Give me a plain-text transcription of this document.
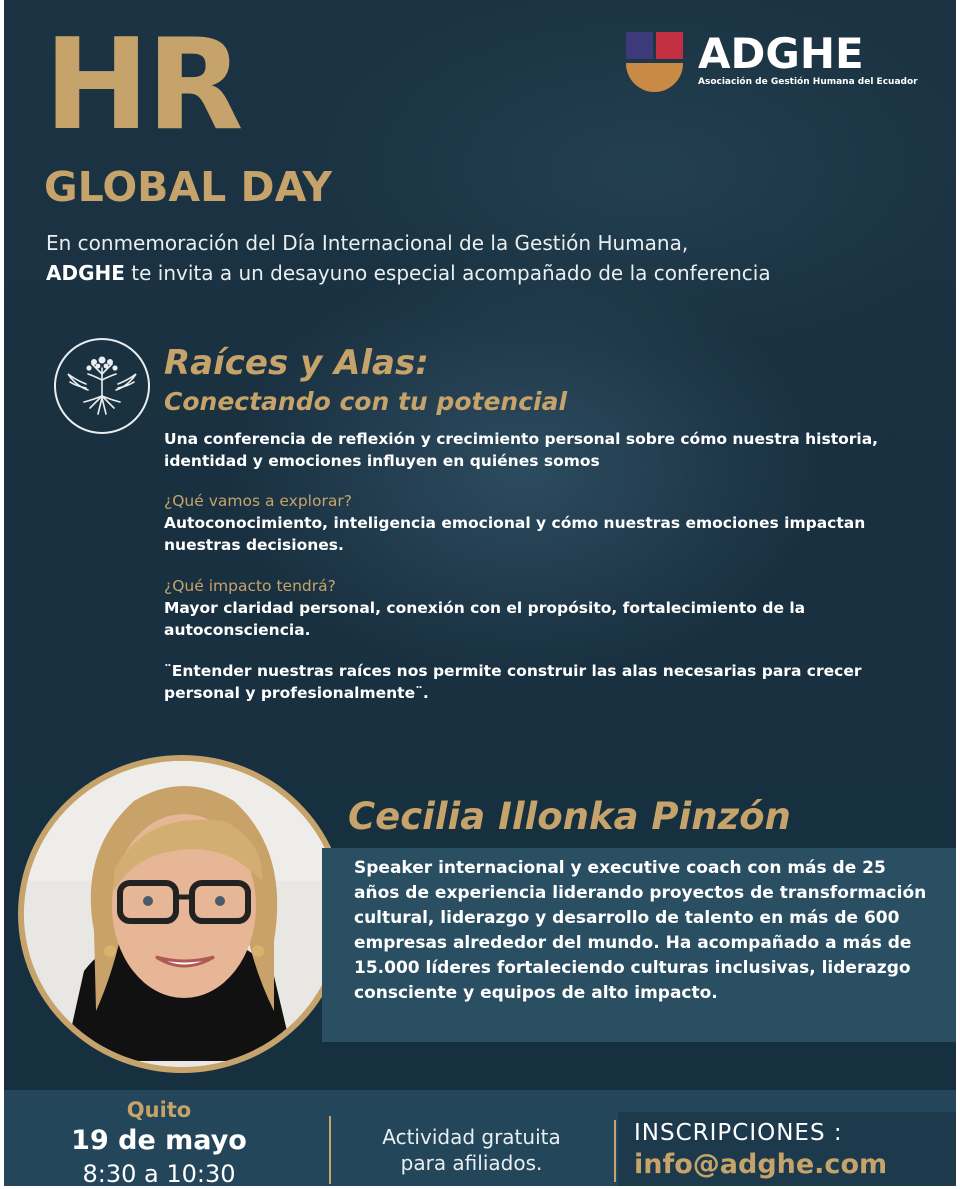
HR
GLOBAL DAY
ADGHE
Asociación de Gestión Humana del Ecuador
En conmemoración del Día Internacional de la Gestión Humana,
ADGHE te invita a un desayuno especial acompañado de la conferencia
Raíces y Alas:
Conectando con tu potencial
Una conferencia de reflexión y crecimiento personal sobre cómo nuestra historia, identidad y emociones influyen en quiénes somos
¿Qué vamos a explorar?
Autoconocimiento, inteligencia emocional y cómo nuestras emociones impactan nuestras decisiones.
¿Qué impacto tendrá?
Mayor claridad personal, conexión con el propósito, fortalecimiento de la autoconsciencia.
¨Entender nuestras raíces nos permite construir las alas necesarias para crecer personal y profesionalmente¨.
Cecilia Illonka Pinzón
Speaker internacional y executive coach con más de 25 años de experiencia liderando proyectos de transformación cultural, liderazgo y desarrollo de talento en más de 600 empresas alrededor del mundo. Ha acompañado a más de 15.000 líderes fortaleciendo culturas inclusivas, liderazgo consciente y equipos de alto impacto.
Quito
19 de mayo
8:30 a 10:30
Actividad gratuita
para afiliados.
INSCRIPCIONES :
info@adghe.com
